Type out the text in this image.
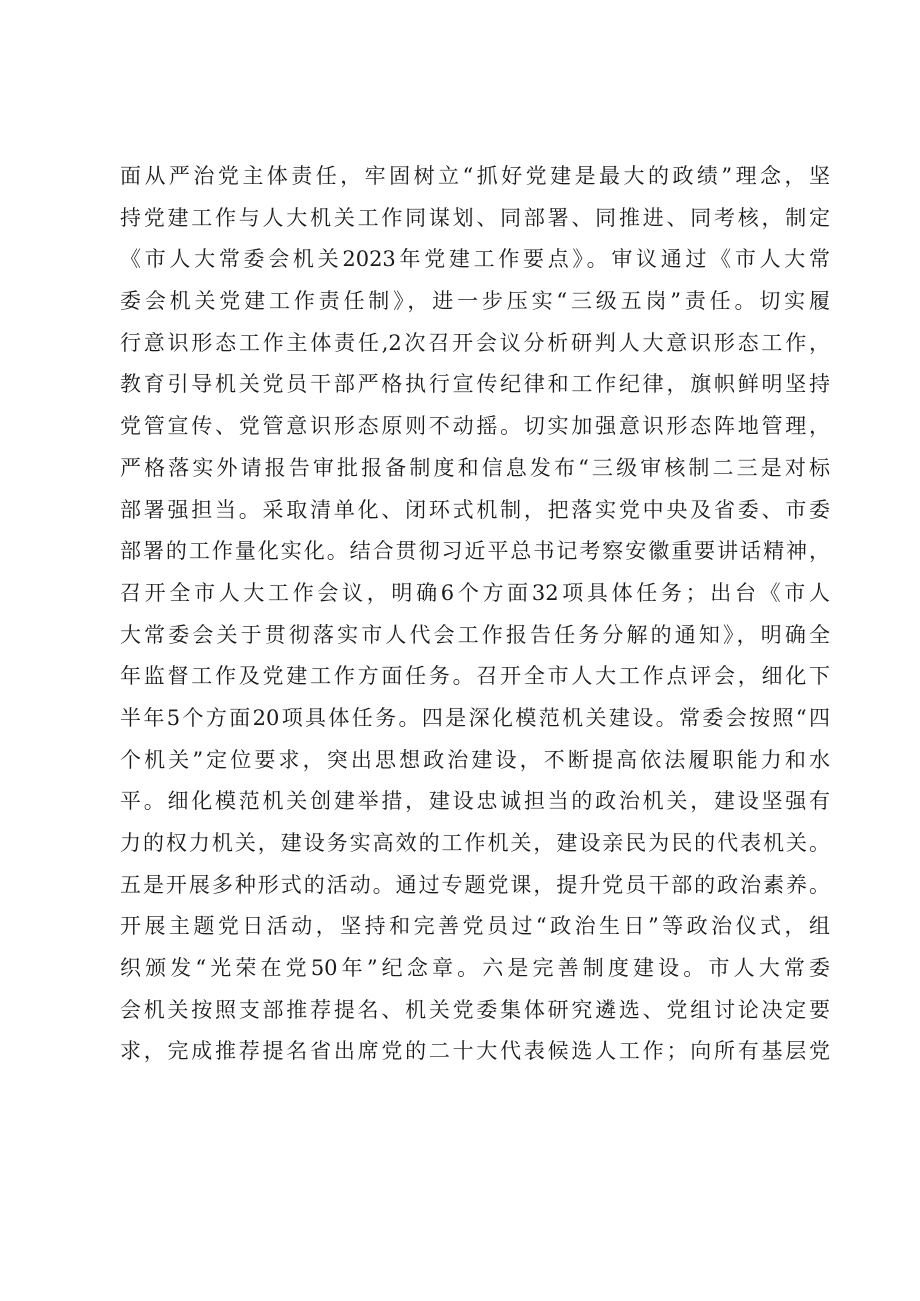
面从严治党主体责任，牢固树立“抓好党建是最大的政绩”理念，坚
持党建工作与人大机关工作同谋划、同部署、同推进、同考核，制定
《市人大常委会机关2023年党建工作要点》。审议通过《市人大常
委会机关党建工作责任制》，进一步压实“三级五岗”责任。切实履
行意识形态工作主体责任,2次召开会议分析研判人大意识形态工作，
教育引导机关党员干部严格执行宣传纪律和工作纪律，旗帜鲜明坚持
党管宣传、党管意识形态原则不动摇。切实加强意识形态阵地管理，
严格落实外请报告审批报备制度和信息发布“三级审核制二三是对标
部署强担当。采取清单化、闭环式机制，把落实党中央及省委、市委
部署的工作量化实化。结合贯彻习近平总书记考察安徽重要讲话精神，
召开全市人大工作会议，明确6个方面32项具体任务；出台《市人
大常委会关于贯彻落实市人代会工作报告任务分解的通知》，明确全
年监督工作及党建工作方面任务。召开全市人大工作点评会，细化下
半年5个方面20项具体任务。四是深化模范机关建设。常委会按照“四
个机关”定位要求，突出思想政治建设，不断提高依法履职能力和水
平。细化模范机关创建举措，建设忠诚担当的政治机关，建设坚强有
力的权力机关，建设务实高效的工作机关，建设亲民为民的代表机关。
五是开展多种形式的活动。通过专题党课，提升党员干部的政治素养。
开展主题党日活动，坚持和完善党员过“政治生日”等政治仪式，组
织颁发“光荣在党50年”纪念章。六是完善制度建设。市人大常委
会机关按照支部推荐提名、机关党委集体研究遴选、党组讨论决定要
求，完成推荐提名省出席党的二十大代表候选人工作；向所有基层党
